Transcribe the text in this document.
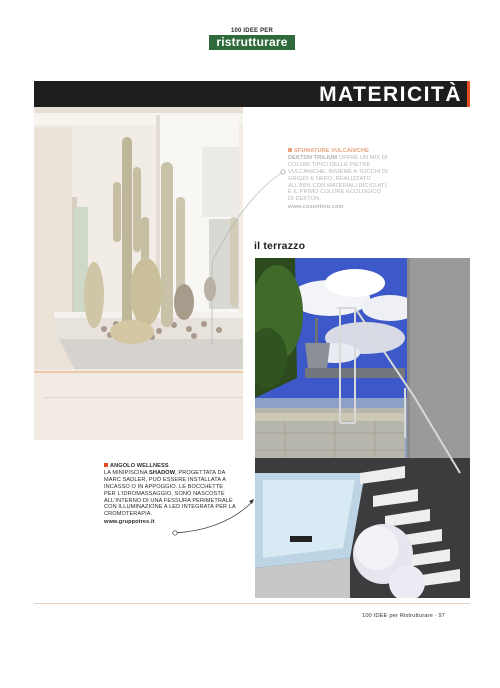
100 IDEE PER
ristrutturare
MATERICITÀ
il terrazzo
SFUMATURE VULCANICHE
DEKTON TRILIUM OFFRE UN MIX DI COLORI TIPICI DELLE PIETRE VULCANICHE, INSIEME A TOCCHI DI GRIGIO E NERO. REALIZZATO ALL'86% CON MATERIALI RICICLATI, È IL PRIMO COLORE ECOLOGICO DI DEKTON.
www.cosentino.com
ANGOLO WELLNESS
LA MINIPISCINA SHADOW, PROGETTATA DA MARC SADLER, PUÒ ESSERE INSTALLATA A INCASSO O IN APPOGGIO. LE BOCCHETTE PER L'IDROMASSAGGIO, SONO NASCOSTE ALL'INTERNO DI UNA FESSURA PERIMETRALE CON ILLUMINAZIONE A LED INTEGRATA PER LA CROMOTERAPIA.
www.gruppotres.it
100 IDEE per Ristrutturare · 97
